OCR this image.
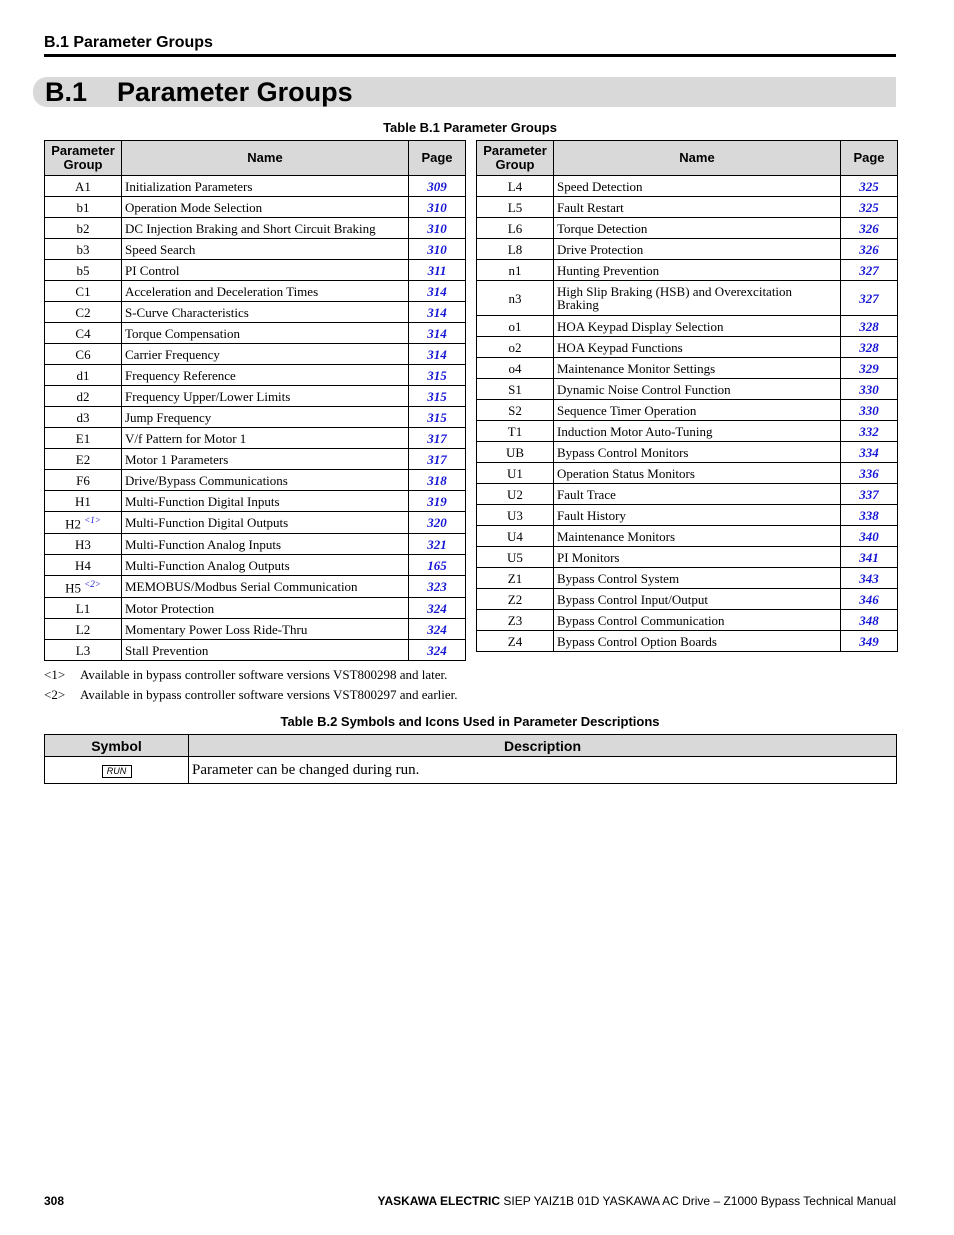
B.1 Parameter Groups
B.1 Parameter Groups
Table B.1 Parameter Groups
Parameter
Group	Name	Page
A1	Initialization Parameters	309
b1	Operation Mode Selection	310
b2	DC Injection Braking and Short Circuit Braking	310
b3	Speed Search	310
b5	PI Control	311
C1	Acceleration and Deceleration Times	314
C2	S-Curve Characteristics	314
C4	Torque Compensation	314
C6	Carrier Frequency	314
d1	Frequency Reference	315
d2	Frequency Upper/Lower Limits	315
d3	Jump Frequency	315
E1	V/f Pattern for Motor 1	317
E2	Motor 1 Parameters	317
F6	Drive/Bypass Communications	318
H1	Multi-Function Digital Inputs	319
H2 $^{<1>}$	Multi-Function Digital Outputs	320
H3	Multi-Function Analog Inputs	321
H4	Multi-Function Analog Outputs	165
H5 $^{<2>}$	MEMOBUS/Modbus Serial Communication	323
L1	Motor Protection	324
L2	Momentary Power Loss Ride-Thru	324
L3	Stall Prevention	324
Parameter
Group	Name	Page
L4	Speed Detection	325
L5	Fault Restart	325
L6	Torque Detection	326
L8	Drive Protection	326
n1	Hunting Prevention	327
n3	High Slip Braking (HSB) and Overexcitation Braking	327
o1	HOA Keypad Display Selection	328
o2	HOA Keypad Functions	328
o4	Maintenance Monitor Settings	329
S1	Dynamic Noise Control Function	330
S2	Sequence Timer Operation	330
T1	Induction Motor Auto-Tuning	332
UB	Bypass Control Monitors	334
U1	Operation Status Monitors	336
U2	Fault Trace	337
U3	Fault History	338
U4	Maintenance Monitors	340
U5	PI Monitors	341
Z1	Bypass Control System	343
Z2	Bypass Control Input/Output	346
Z3	Bypass Control Communication	348
Z4	Bypass Control Option Boards	349
<1> Available in bypass controller software versions VST800298 and later.
<2> Available in bypass controller software versions VST800297 and earlier.
Table B.2 Symbols and Icons Used in Parameter Descriptions
Symbol	Description
RUN	Parameter can be changed during run.
308	YASKAWA ELECTRIC SIEP YAIZ1B 01D YASKAWA AC Drive – Z1000 Bypass Technical Manual
